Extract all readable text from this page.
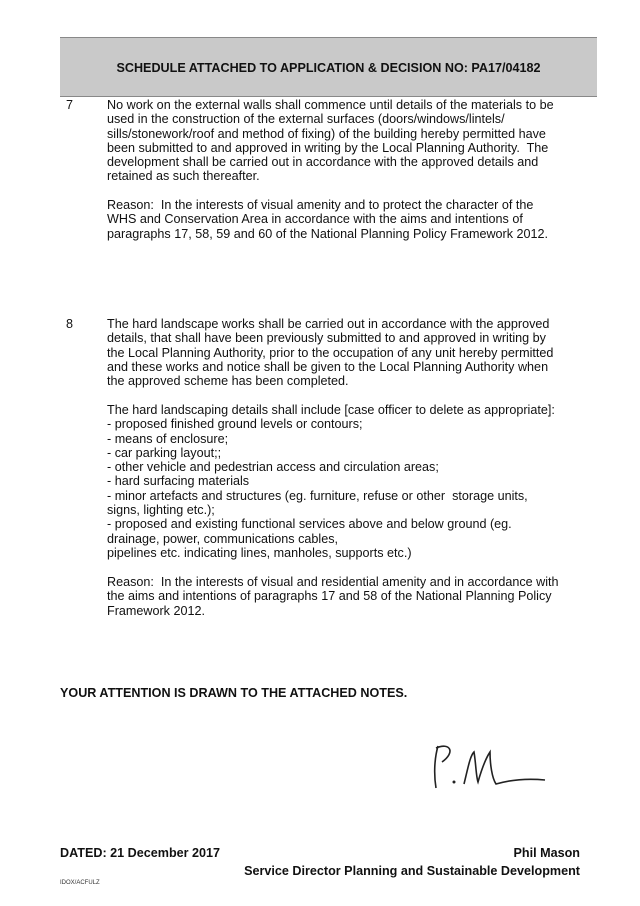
SCHEDULE ATTACHED TO APPLICATION & DECISION NO: PA17/04182
7	No work on the external walls shall commence until details of the materials to be
used in the construction of the external surfaces (doors/windows/lintels/
sills/stonework/roof and method of fixing) of the building hereby permitted have
been submitted to and approved in writing by the Local Planning Authority.  The
development shall be carried out in accordance with the approved details and
retained as such thereafter.
Reason:  In the interests of visual amenity and to protect the character of the
WHS and Conservation Area in accordance with the aims and intentions of
paragraphs 17, 58, 59 and 60 of the National Planning Policy Framework 2012.
8	The hard landscape works shall be carried out in accordance with the approved
details, that shall have been previously submitted to and approved in writing by
the Local Planning Authority, prior to the occupation of any unit hereby permitted
and these works and notice shall be given to the Local Planning Authority when
the approved scheme has been completed.
The hard landscaping details shall include [case officer to delete as appropriate]:
- proposed finished ground levels or contours;
- means of enclosure;
- car parking layout;;
- other vehicle and pedestrian access and circulation areas;
- hard surfacing materials
- minor artefacts and structures (eg. furniture, refuse or other  storage units,
signs, lighting etc.);
- proposed and existing functional services above and below ground (eg.
drainage, power, communications cables,
pipelines etc. indicating lines, manholes, supports etc.)
Reason:  In the interests of visual and residential amenity and in accordance with
the aims and intentions of paragraphs 17 and 58 of the National Planning Policy
Framework 2012.
YOUR ATTENTION IS DRAWN TO THE ATTACHED NOTES.
DATED: 21 December 2017	Phil Mason
Service Director Planning and Sustainable Development
IDOX/ACFULZ
